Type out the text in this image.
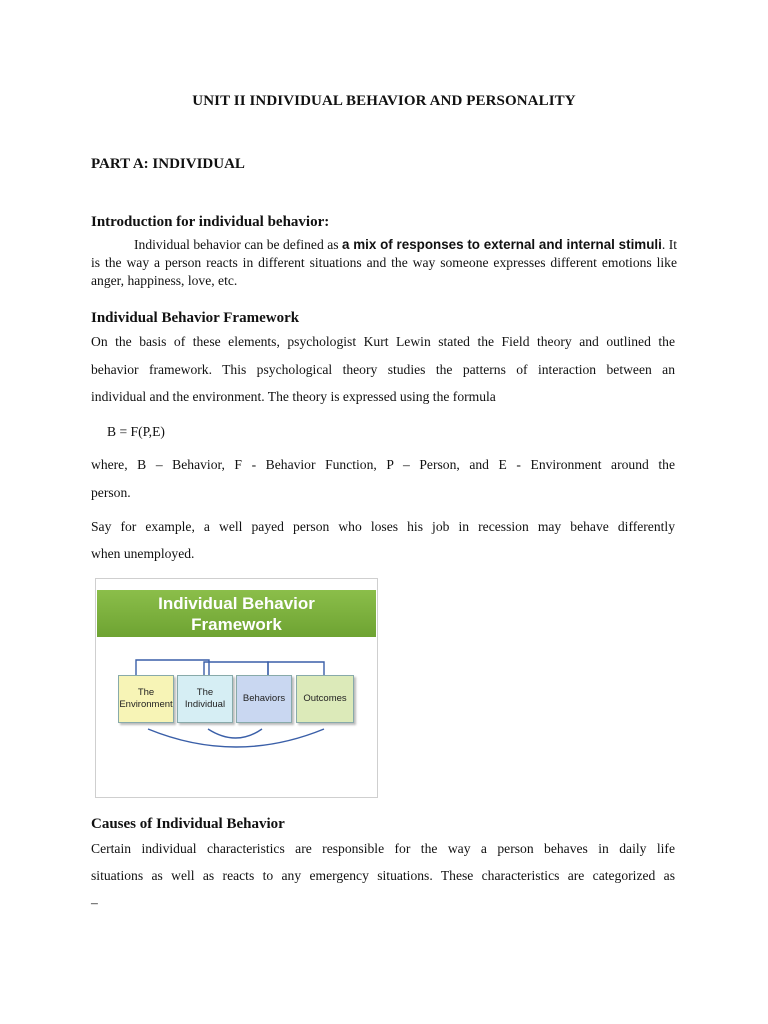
UNIT II INDIVIDUAL BEHAVIOR AND PERSONALITY
PART A: INDIVIDUAL
Introduction for individual behavior:
Individual behavior can be defined as a mix of responses to external and internal stimuli. It is the way a person reacts in different situations and the way someone expresses different emotions like anger, happiness, love, etc.
Individual Behavior Framework
On the basis of these elements, psychologist Kurt Lewin stated the Field theory and outlined the
behavior framework. This psychological theory studies the patterns of interaction between an
individual and the environment. The theory is expressed using the formula
B = F(P,E)
where, B – Behavior, F - Behavior Function, P – Person, and E - Environment around the
person.
Say for example, a well payed person who loses his job in recession may behave differently
when unemployed.
Individual Behavior
Framework
The
Environment
The
Individual
Behaviors Outcomes
Causes of Individual Behavior
Certain individual characteristics are responsible for the way a person behaves in daily life
situations as well as reacts to any emergency situations. These characteristics are categorized as
–
